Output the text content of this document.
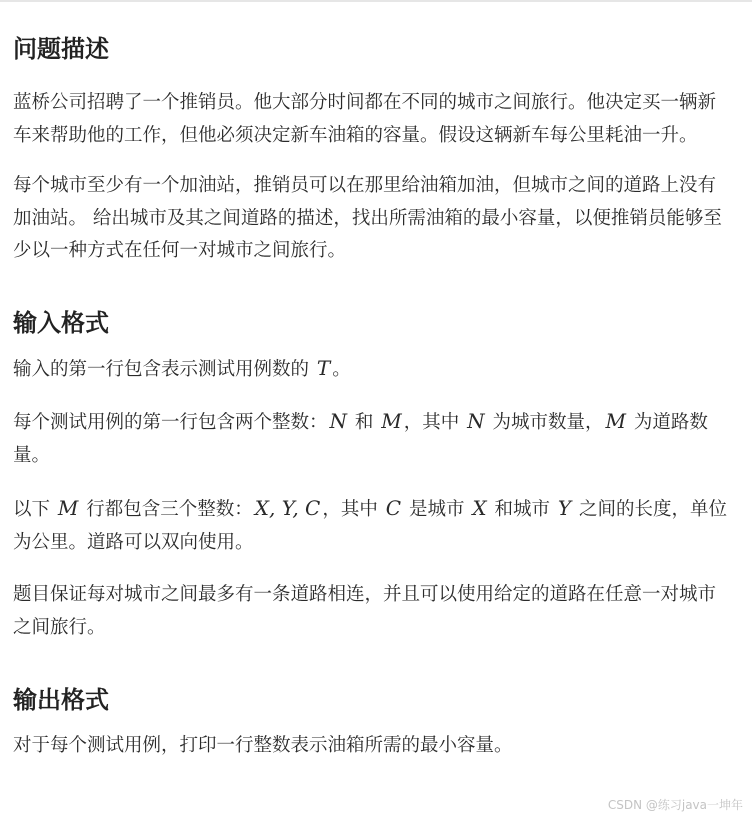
问题描述

蓝桥公司招聘了一个推销员。他大部分时间都在不同的城市之间旅行。他决定买一辆新车来帮助他的工作，但他必须决定新车油箱的容量。假设这辆新车每公里耗油一升。

每个城市至少有一个加油站，推销员可以在那里给油箱加油，但城市之间的道路上没有加油站。 给出城市及其之间道路的描述，找出所需油箱的最小容量，以便推销员能够至少以一种方式在任何一对城市之间旅行。

输入格式

输入的第一行包含表示测试用例数的 T 。

每个测试用例的第一行包含两个整数： N 和 M ，其中 N 为城市数量， M 为道路数量。

以下 M 行都包含三个整数： X, Y, C ，其中 C 是城市 X 和城市 Y 之间的长度，单位为公里。道路可以双向使用。

题目保证每对城市之间最多有一条道路相连，并且可以使用给定的道路在任意一对城市之间旅行。

输出格式

对于每个测试用例，打印一行整数表示油箱所需的最小容量。

CSDN @练习java一坤年
